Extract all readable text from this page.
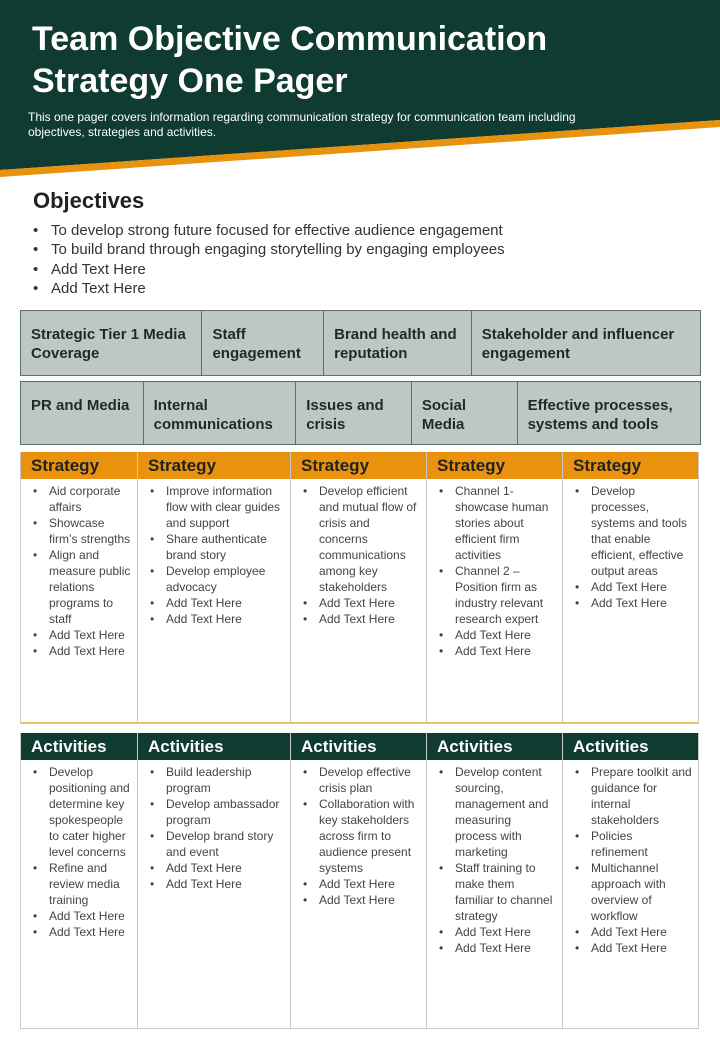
Team Objective Communication Strategy One Pager
This one pager covers information regarding communication strategy for communication team including objectives, strategies and activities.
Objectives
• To develop strong future focused for effective audience engagement
• To build brand through engaging storytelling by engaging employees
• Add Text Here
• Add Text Here
Strategic Tier 1 Media Coverage
Staff engagement
Brand health and reputation
Stakeholder and influencer engagement
PR and Media	Internal communications
Issues and crisis
Social Media
Effective processes, systems and tools
Strategy
• Aid corporate affairs
• Showcase firm’s strengths
• Align and measure public relations programs to staff
• Add Text Here
• Add Text Here
Strategy
• Improve information flow with clear guides and support
• Share authenticate brand story
• Develop employee advocacy
• Add Text Here
• Add Text Here
Strategy
• Develop efficient and mutual flow of crisis and concerns communications among key stakeholders
• Add Text Here
• Add Text Here
Strategy
• Channel 1- showcase human stories about efficient firm activities
• Channel 2 – Position firm as industry relevant research expert
• Add Text Here
• Add Text Here
Strategy
• Develop processes, systems and tools that enable efficient, effective output areas
• Add Text Here
• Add Text Here
Activities
• Develop positioning and determine key spokespeople to cater higher level concerns
• Refine and review media training
• Add Text Here
• Add Text Here
Activities
• Build leadership program
• Develop ambassador program
• Develop brand story and event
• Add Text Here
• Add Text Here
Activities
• Develop effective crisis plan
• Collaboration with key stakeholders across firm to audience present systems
• Add Text Here
• Add Text Here
Activities
• Develop content sourcing, management and measuring process with marketing
• Staff training to make them familiar to channel strategy
• Add Text Here
• Add Text Here
Activities
• Prepare toolkit and guidance for internal stakeholders
• Policies refinement
• Multichannel approach with overview of workflow
• Add Text Here
• Add Text Here
